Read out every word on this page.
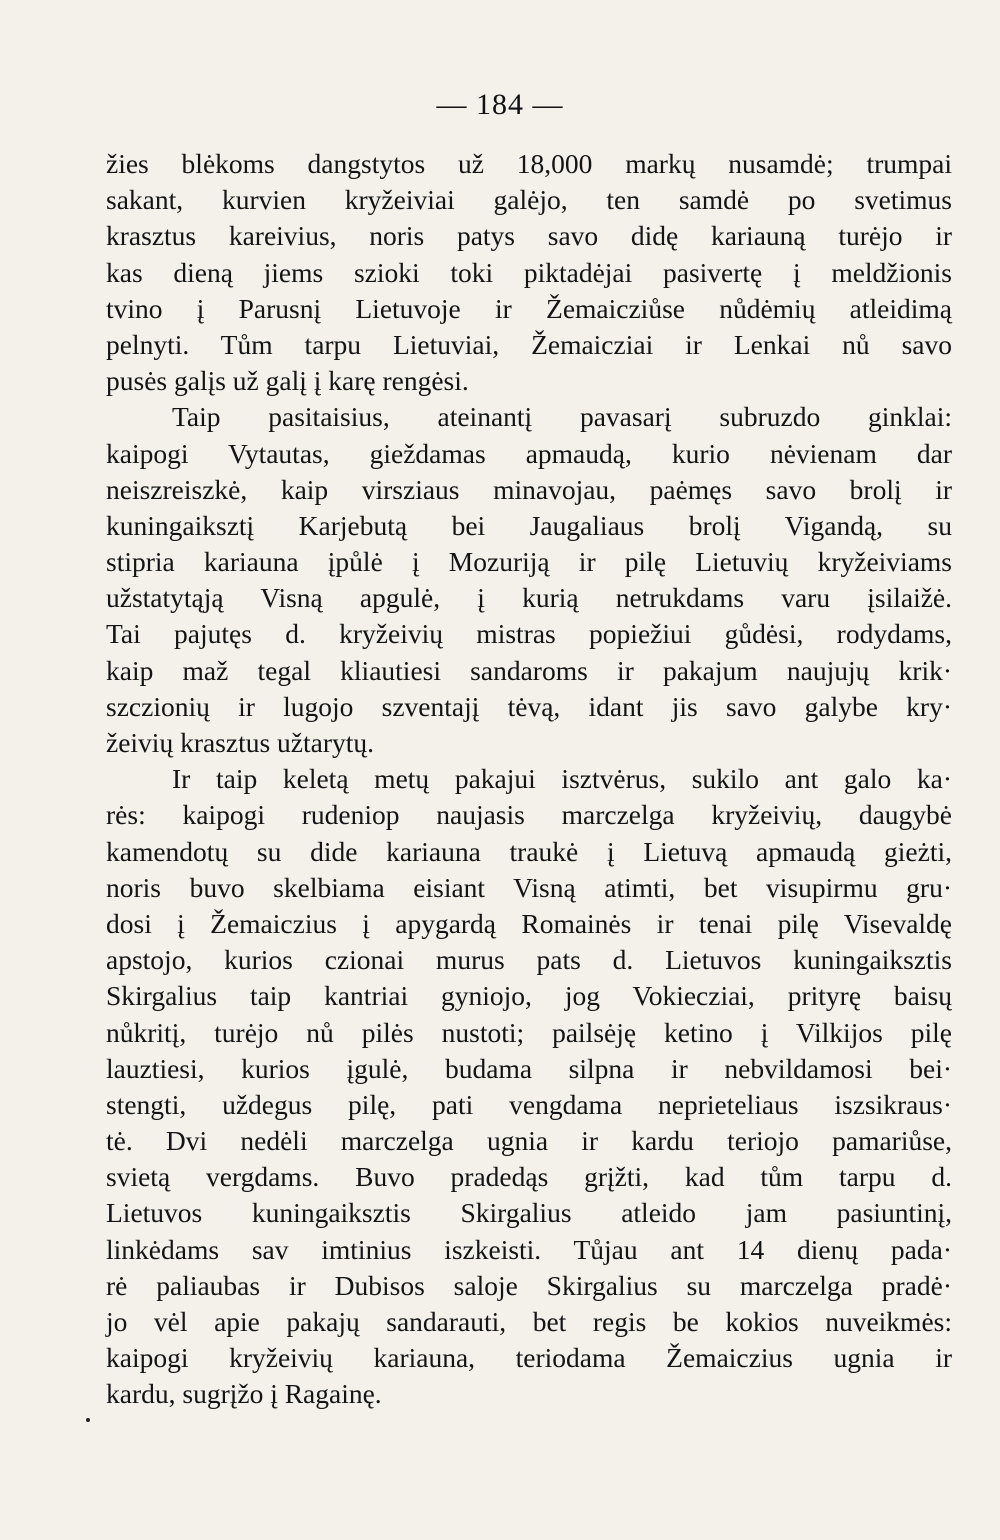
— 184 —
žies blėkoms dangstytos už 18,000 markų nusamdė; trumpai
sakant, kurvien kryžeiviai galėjo, ten samdė po svetimus
krasztus kareivius, noris patys savo didę kariauną turėjo ir
kas dieną jiems szioki toki piktadėjai pasivertę į meldžionis
tvino į Parusnį Lietuvoje ir Žemaicziůse nůdėmių atleidimą
pelnyti. Tům tarpu Lietuviai, Žemaicziai ir Lenkai nů savo
pusės galįs už galį į karę rengėsi.
Taip pasitaisius, ateinantį pavasarį subruzdo ginklai:
kaipogi Vytautas, gieždamas apmaudą, kurio nėvienam dar
neiszreiszkė, kaip virsziaus minavojau, paėmęs savo brolį ir
kuningaiksztį Karjebutą bei Jaugaliaus brolį Vigandą, su
stipria kariauna įpůlė į Mozuriją ir pilę Lietuvių kryžeiviams
užstatytąją Visną apgulė, į kurią netrukdams varu įsilaižė.
Tai pajutęs d. kryžeivių mistras popiežiui gůdėsi, rodydams,
kaip maž tegal kliautiesi sandaroms ir pakajum naujujų krik·
szczionių ir lugojo szventajį tėvą, idant jis savo galybe kry·
žeivių krasztus užtarytų.
Ir taip keletą metų pakajui isztvėrus, sukilo ant galo ka·
rės: kaipogi rudeniop naujasis marczelga kryžeivių, daugybė
kamendotų su dide kariauna traukė į Lietuvą apmaudą gieżti,
noris buvo skelbiama eisiant Visną atimti, bet visupirmu gru·
dosi į Žemaiczius į apygardą Romainės ir tenai pilę Visevaldę
apstojo, kurios czionai murus pats d. Lietuvos kuningaiksztis
Skirgalius taip kantriai gyniojo, jog Vokiecziai, prityrę baisų
nůkritį, turėjo nů pilės nustoti; pailsėję ketino į Vilkijos pilę
lauztiesi, kurios įgulė, budama silpna ir nebvildamosi bei·
stengti, uždegus pilę, pati vengdama neprieteliaus iszsikraus·
tė. Dvi nedėli marczelga ugnia ir kardu teriojo pamariůse,
svietą vergdams. Buvo pradedąs grįžti, kad tům tarpu d.
Lietuvos kuningaiksztis Skirgalius atleido jam pasiuntinį,
linkėdams sav imtinius iszkeisti. Tůjau ant 14 dienų pada·
rė paliaubas ir Dubisos saloje Skirgalius su marczelga pradė·
jo vėl apie pakajų sandarauti, bet regis be kokios nuveikmės:
kaipogi kryžeivių kariauna, teriodama Žemaiczius ugnia ir
kardu, sugrįžo į Ragainę.
